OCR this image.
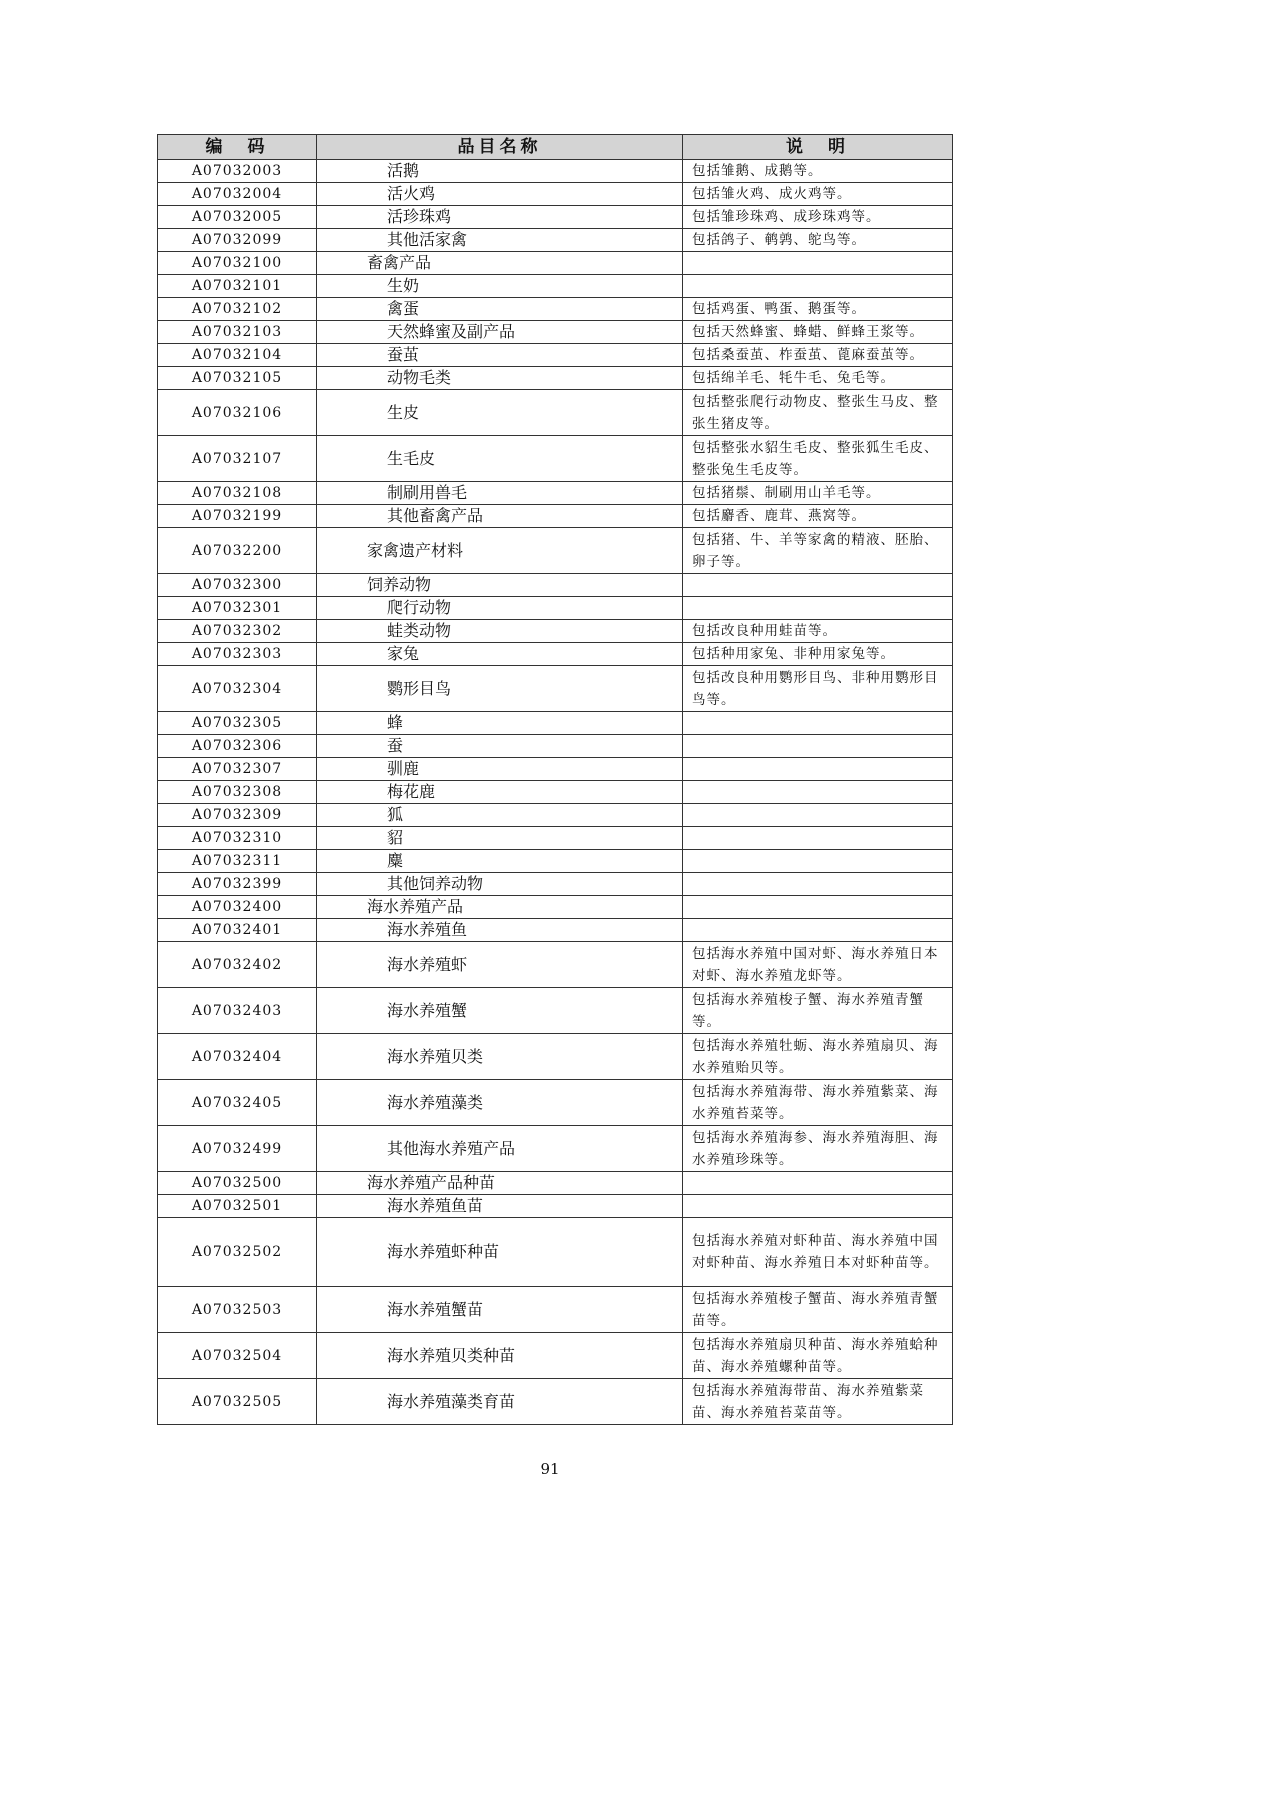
编　码	品目名称	说　明
A07032003	活鹅	包括雏鹅、成鹅等。
A07032004	活火鸡	包括雏火鸡、成火鸡等。
A07032005	活珍珠鸡	包括雏珍珠鸡、成珍珠鸡等。
A07032099	其他活家禽	包括鸽子、鹌鹑、鸵鸟等。
A07032100	畜禽产品	
A07032101	生奶	
A07032102	禽蛋	包括鸡蛋、鸭蛋、鹅蛋等。
A07032103	天然蜂蜜及副产品	包括天然蜂蜜、蜂蜡、鲜蜂王浆等。
A07032104	蚕茧	包括桑蚕茧、柞蚕茧、蓖麻蚕茧等。
A07032105	动物毛类	包括绵羊毛、牦牛毛、兔毛等。
A07032106	生皮	包括整张爬行动物皮、整张生马皮、整张生猪皮等。
A07032107	生毛皮	包括整张水貂生毛皮、整张狐生毛皮、整张兔生毛皮等。
A07032108	制刷用兽毛	包括猪鬃、制刷用山羊毛等。
A07032199	其他畜禽产品	包括麝香、鹿茸、燕窝等。
A07032200	家禽遗产材料	包括猪、牛、羊等家禽的精液、胚胎、卵子等。
A07032300	饲养动物	
A07032301	爬行动物	
A07032302	蛙类动物	包括改良种用蛙苗等。
A07032303	家兔	包括种用家兔、非种用家兔等。
A07032304	鹦形目鸟	包括改良种用鹦形目鸟、非种用鹦形目鸟等。
A07032305	蜂	
A07032306	蚕	
A07032307	驯鹿	
A07032308	梅花鹿	
A07032309	狐	
A07032310	貂	
A07032311	麋	
A07032399	其他饲养动物	
A07032400	海水养殖产品	
A07032401	海水养殖鱼	
A07032402	海水养殖虾	包括海水养殖中国对虾、海水养殖日本对虾、海水养殖龙虾等。
A07032403	海水养殖蟹	包括海水养殖梭子蟹、海水养殖青蟹等。
A07032404	海水养殖贝类	包括海水养殖牡蛎、海水养殖扇贝、海水养殖贻贝等。
A07032405	海水养殖藻类	包括海水养殖海带、海水养殖紫菜、海水养殖苔菜等。
A07032499	其他海水养殖产品	包括海水养殖海参、海水养殖海胆、海水养殖珍珠等。
A07032500	海水养殖产品种苗	
A07032501	海水养殖鱼苗	
A07032502	海水养殖虾种苗	包括海水养殖对虾种苗、海水养殖中国对虾种苗、海水养殖日本对虾种苗等。
A07032503	海水养殖蟹苗	包括海水养殖梭子蟹苗、海水养殖青蟹苗等。
A07032504	海水养殖贝类种苗	包括海水养殖扇贝种苗、海水养殖蛤种苗、海水养殖螺种苗等。
A07032505	海水养殖藻类育苗	包括海水养殖海带苗、海水养殖紫菜苗、海水养殖苔菜苗等。
91
